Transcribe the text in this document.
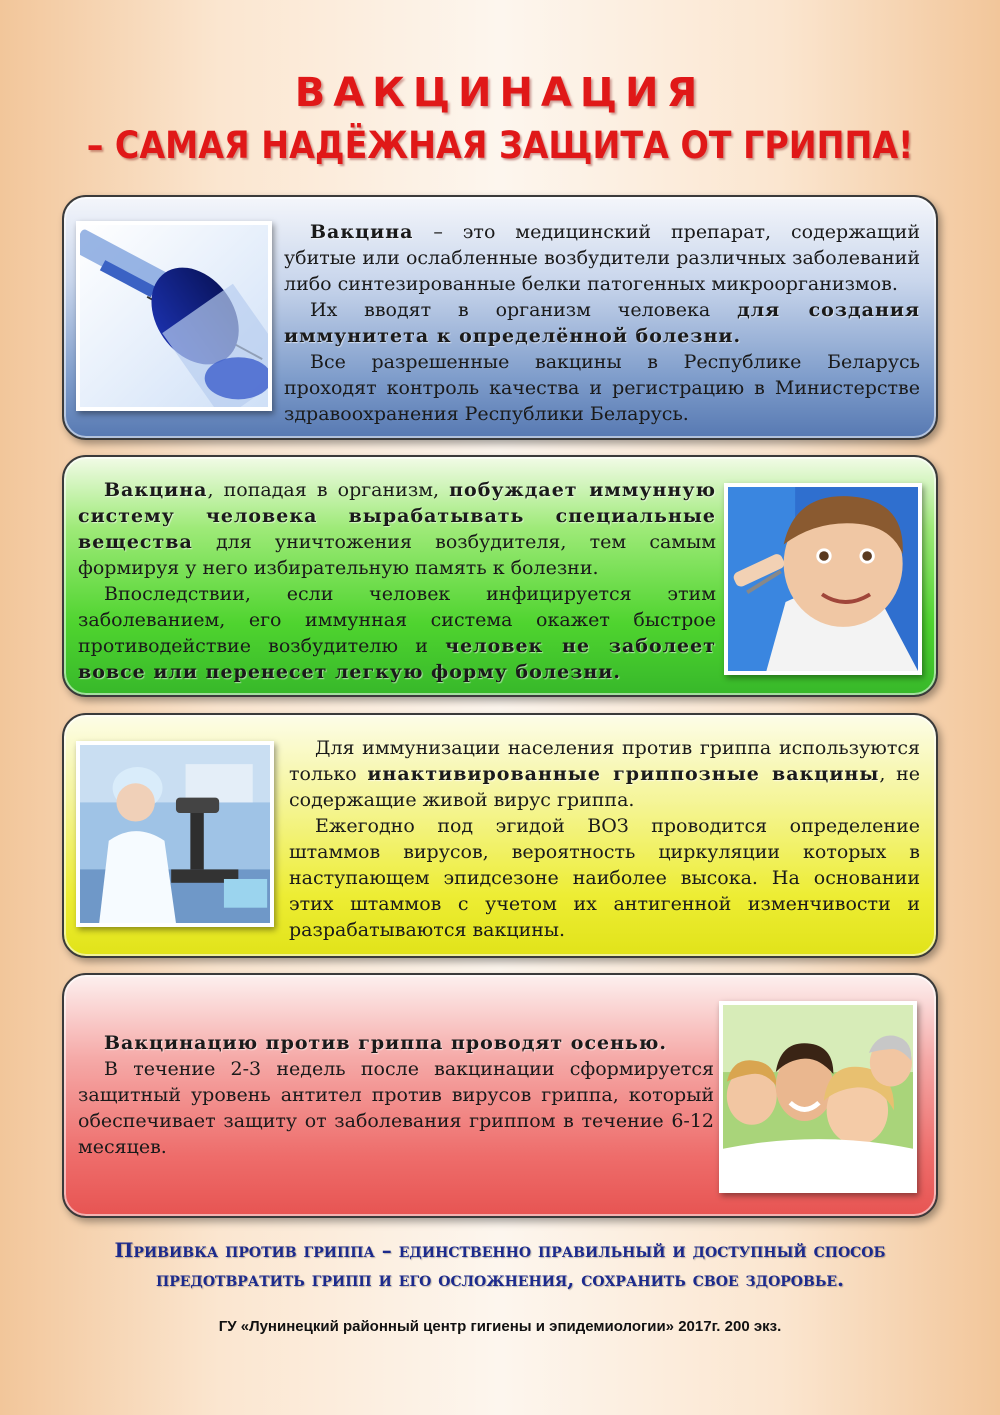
ВАКЦИНАЦИЯ
– САМАЯ НАДЁЖНАЯ ЗАЩИТА ОТ ГРИППА!

Вакцина – это медицинский препарат, содержащий убитые или ослабленные возбудители различных заболеваний либо синтезированные белки патогенных микроорганизмов.

Их вводят в организм человека для создания иммунитета к определённой болезни.

Все разрешенные вакцины в Республике Беларусь проходят контроль качества и регистрацию в Министерстве здравоохранения Республики Беларусь.

Вакцина, попадая в организм, побуждает иммунную систему человека вырабатывать специальные вещества для уничтожения возбудителя, тем самым формируя у него избирательную память к болезни.

Впоследствии, если человек инфицируется этим заболеванием, его иммунная система окажет быстрое противодействие возбудителю и человек не заболеет вовсе или перенесет легкую форму болезни.

Для иммунизации населения против гриппа используются только инактивированные гриппозные вакцины, не содержащие живой вирус гриппа.

Ежегодно под эгидой ВОЗ проводится определение штаммов вирусов, вероятность циркуляции которых в наступающем эпидсезоне наиболее высока. На основании этих штаммов с учетом их антигенной изменчивости и разрабатываются вакцины.

Вакцинацию против гриппа проводят осенью.

В течение 2-3 недель после вакцинации сформируется защитный уровень антител против вирусов гриппа, который обеспечивает защиту от заболевания гриппом в течение 6-12 месяцев.

Прививка против гриппа – единственно правильный и доступный способ
предотвратить грипп и его осложнения, сохранить свое здоровье.
ГУ «Лунинецкий районный центр гигиены и эпидемиологии» 2017г. 200 экз.
